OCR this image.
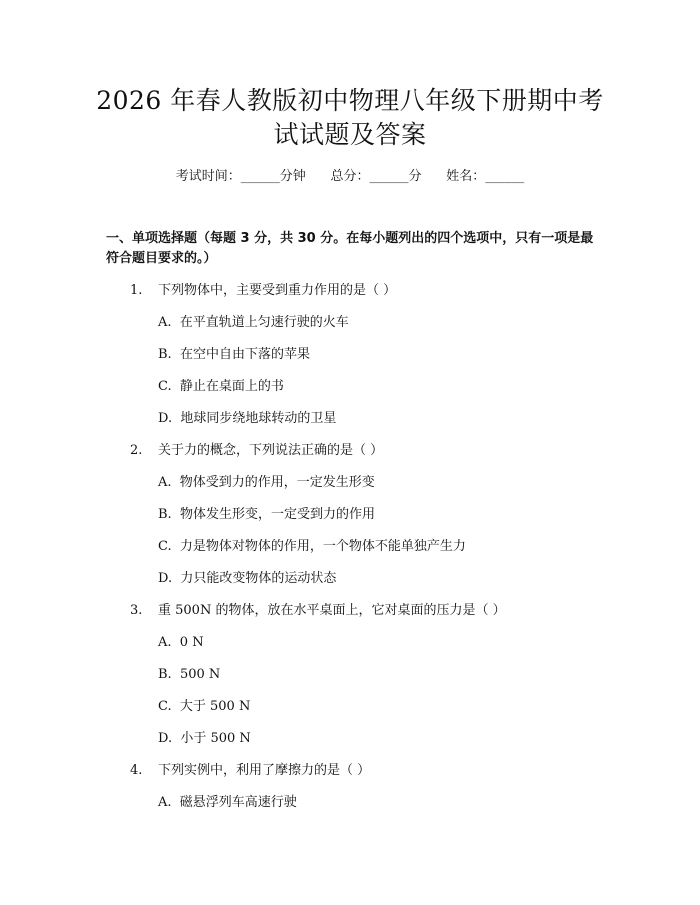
2026 年春人教版初中物理八年级下册期中考
试试题及答案
考试时间：______分钟      总分：______分      姓名：______
一、单项选择题（每题 3 分，共 30 分。在每小题列出的四个选项中，只有一项是最符合题目要求的。）
1. 下列物体中，主要受到重力作用的是（ ）
A.  在平直轨道上匀速行驶的火车
B.  在空中自由下落的苹果
C.  静止在桌面上的书
D.  地球同步绕地球转动的卫星
2. 关于力的概念，下列说法正确的是（ ）
A.  物体受到力的作用，一定发生形变
B.  物体发生形变，一定受到力的作用
C.  力是物体对物体的作用，一个物体不能单独产生力
D.  力只能改变物体的运动状态
3. 重 500N 的物体，放在水平桌面上，它对桌面的压力是（ ）
A.  0 N
B.  500 N
C.  大于 500 N
D.  小于 500 N
4. 下列实例中，利用了摩擦力的是（ ）
A.  磁悬浮列车高速行驶
